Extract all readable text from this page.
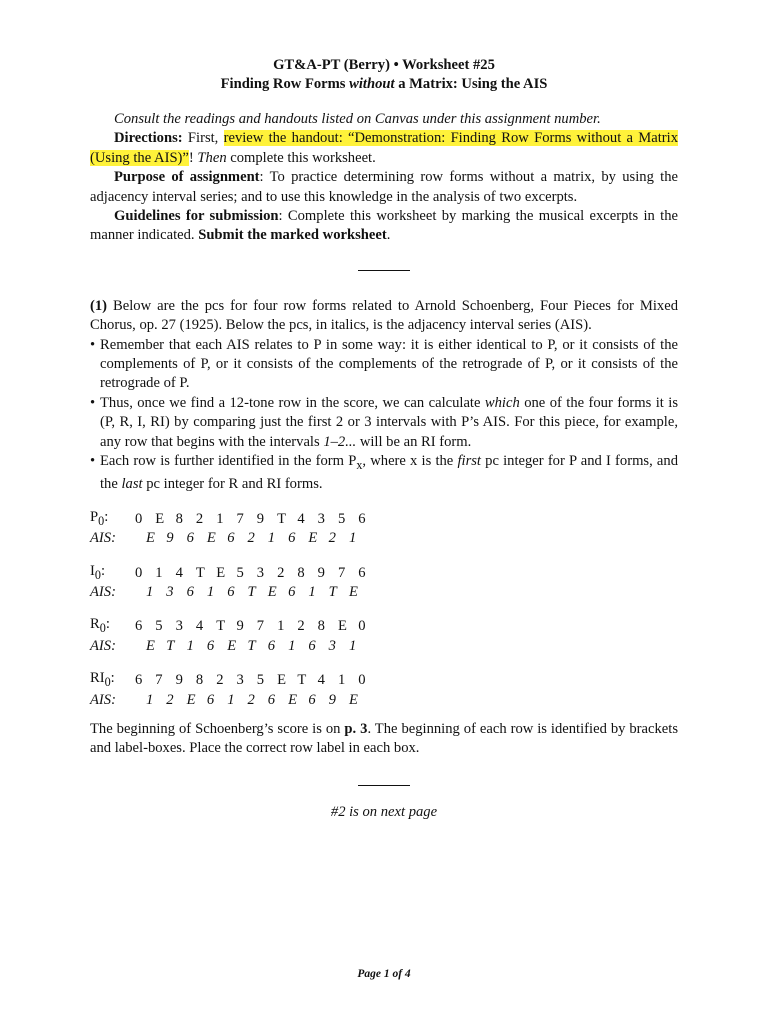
GT&A-PT (Berry) • Worksheet #25
Finding Row Forms without a Matrix: Using the AIS
Consult the readings and handouts listed on Canvas under this assignment number.
Directions: First, review the handout: “Demonstration: Finding Row Forms without a Matrix (Using the AIS)”! Then complete this worksheet.
Purpose of assignment: To practice determining row forms without a matrix, by using the adjacency interval series; and to use this knowledge in the analysis of two excerpts.
Guidelines for submission: Complete this worksheet by marking the musical excerpts in the manner indicated. Submit the marked worksheet.
(1) Below are the pcs for four row forms related to Arnold Schoenberg, Four Pieces for Mixed Chorus, op. 27 (1925). Below the pcs, in italics, is the adjacency interval series (AIS).
• Remember that each AIS relates to P in some way: it is either identical to P, or it consists of the complements of P, or it consists of the complements of the retrograde of P, or it consists of the retrograde of P.
• Thus, once we find a 12-tone row in the score, we can calculate which one of the four forms it is (P, R, I, RI) by comparing just the first 2 or 3 intervals with P’s AIS. For this piece, for example, any row that begins with the intervals 1–2... will be an RI form.
• Each row is further identified in the form $P_x$, where x is the first pc integer for P and I forms, and the last pc integer for R and RI forms.
$P_0$:	0 E 8 2 1 7 9 T 4 3 5 6
AIS:	E 9 6 E 6 2 1 6 E 2 1
$I_0$:	0 1 4 T E 5 3 2 8 9 7 6
AIS:	1 3 6 1 6 T E 6 1 T E
$R_0$:	6 5 3 4 T 9 7 1 2 8 E 0
AIS:	E T 1 6 E T 6 1 6 3 1
$RI_0$:	6 7 9 8 2 3 5 E T 4 1 0
AIS:	1 2 E 6 1 2 6 E 6 9 E
The beginning of Schoenberg’s score is on p. 3. The beginning of each row is identified by brackets and label-boxes. Place the correct row label in each box.
#2 is on next page
Page 1 of 4
